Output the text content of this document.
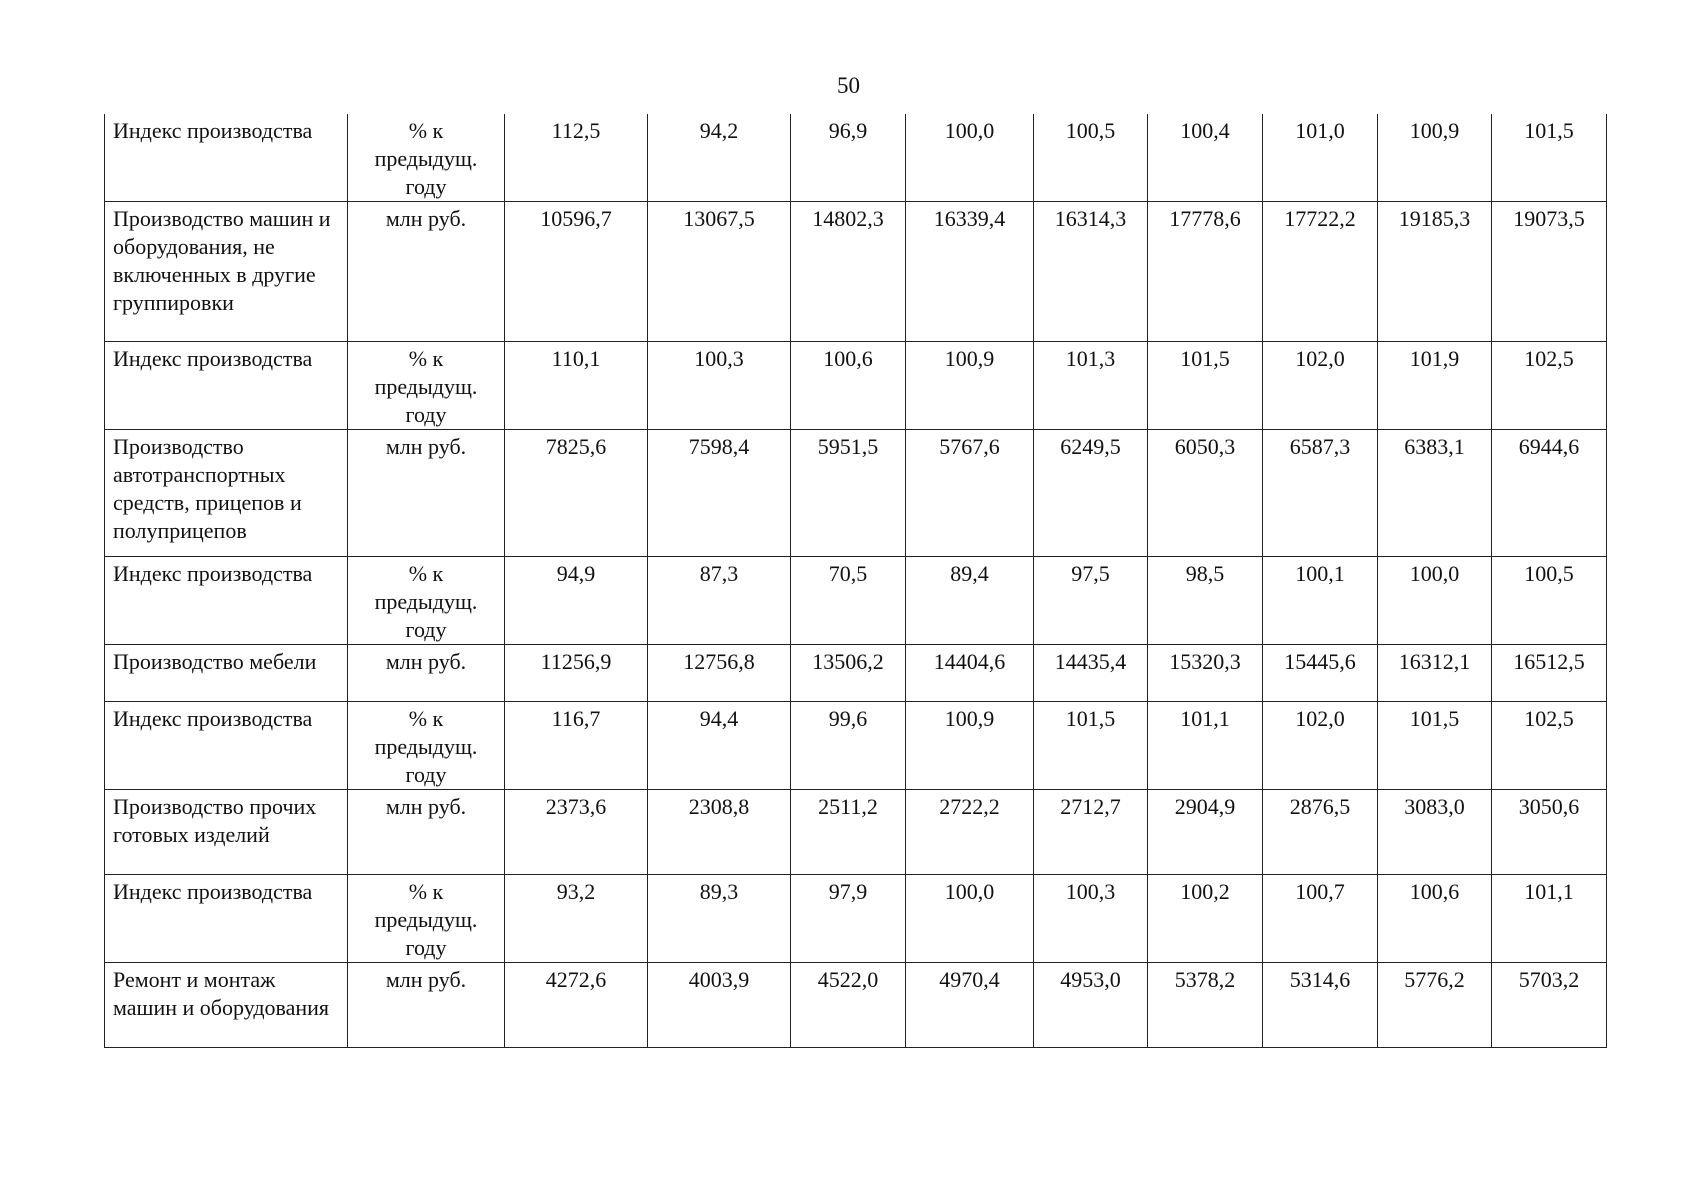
50
Индекс производства	% к предыдущ. году	112,5	94,2	96,9	100,0	100,5	100,4	101,0	100,9	101,5
Производство машин и оборудования, не включенных в другие группировки	млн руб.	10596,7	13067,5	14802,3	16339,4	16314,3	17778,6	17722,2	19185,3	19073,5
Индекс производства	% к предыдущ. году	110,1	100,3	100,6	100,9	101,3	101,5	102,0	101,9	102,5
Производство автотранспортных средств, прицепов и полуприцепов	млн руб.	7825,6	7598,4	5951,5	5767,6	6249,5	6050,3	6587,3	6383,1	6944,6
Индекс производства	% к предыдущ. году	94,9	87,3	70,5	89,4	97,5	98,5	100,1	100,0	100,5
Производство мебели	млн руб.	11256,9	12756,8	13506,2	14404,6	14435,4	15320,3	15445,6	16312,1	16512,5
Индекс производства	% к предыдущ. году	116,7	94,4	99,6	100,9	101,5	101,1	102,0	101,5	102,5
Производство прочих готовых изделий	млн руб.	2373,6	2308,8	2511,2	2722,2	2712,7	2904,9	2876,5	3083,0	3050,6
Индекс производства	% к предыдущ. году	93,2	89,3	97,9	100,0	100,3	100,2	100,7	100,6	101,1
Ремонт и монтаж машин и оборудования	млн руб.	4272,6	4003,9	4522,0	4970,4	4953,0	5378,2	5314,6	5776,2	5703,2
